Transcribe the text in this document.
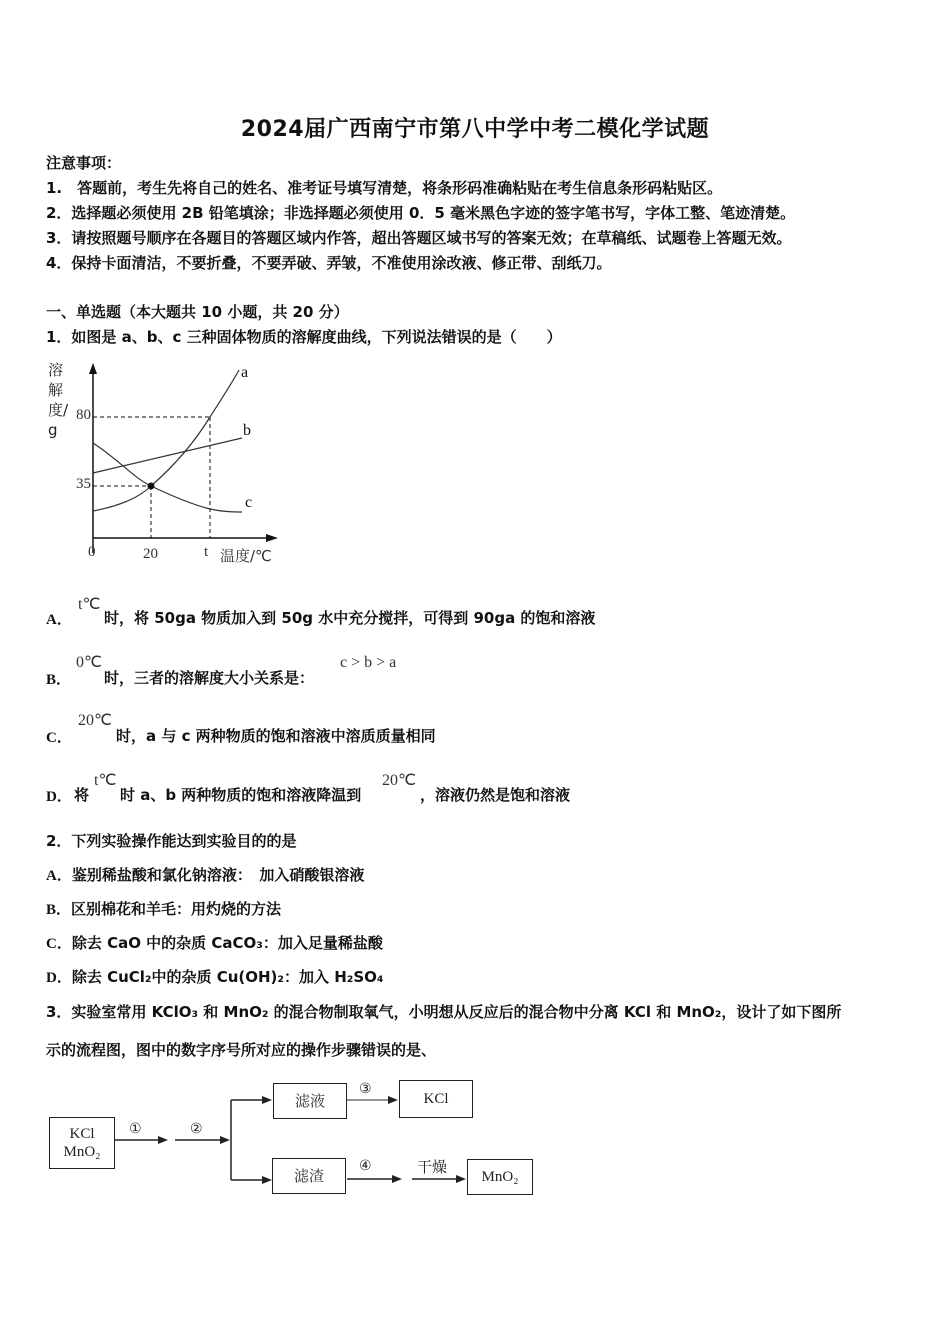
2024届广西南宁市第八中学中考二模化学试题
注意事项：
1.　答题前，考生先将自己的姓名、准考证号填写清楚，将条形码准确粘贴在考生信息条形码粘贴区。
2．选择题必须使用 2B 铅笔填涂；非选择题必须使用 0．5 毫米黑色字迹的签字笔书写，字体工整、笔迹清楚。
3．请按照题号顺序在各题目的答题区域内作答，超出答题区域书写的答案无效；在草稿纸、试题卷上答题无效。
4．保持卡面清洁，不要折叠，不要弄破、弄皱，不准使用涂改液、修正带、刮纸刀。
一、单选题（本大题共 10 小题，共 20 分）
1．如图是 a、b、c 三种固体物质的溶解度曲线，下列说法错误的是（　　）
溶解度/g
80
35
0	20	t 温度/℃
a
b
c
A．
t℃
时，将 50ga 物质加入到 50g 水中充分搅拌，可得到 90ga 的饱和溶液
B．
0℃
时，三者的溶解度大小关系是：
c > b > a
C．
20℃
时，a 与 c 两种物质的饱和溶液中溶质质量相同
D． 将
t℃
时 a、b 两种物质的饱和溶液降温到
20℃
，溶液仍然是饱和溶液
2．下列实验操作能达到实验目的的是
A．鉴别稀盐酸和氯化钠溶液：　加入硝酸银溶液
B．区别棉花和羊毛：用灼烧的方法
C．除去 CaO 中的杂质 CaCO₃：加入足量稀盐酸
D．除去 CuCl₂中的杂质 Cu(OH)₂：加入 H₂SO₄
3．实验室常用 KClO₃ 和 MnO₂ 的混合物制取氧气，小明想从反应后的混合物中分离 KCl 和 MnO₂，设计了如下图所
示的流程图，图中的数字序号所对应的操作步骤错误的是、
KCl
MnO₂
①	②
滤液
③
KCl
滤渣
④	干燥
MnO₂
